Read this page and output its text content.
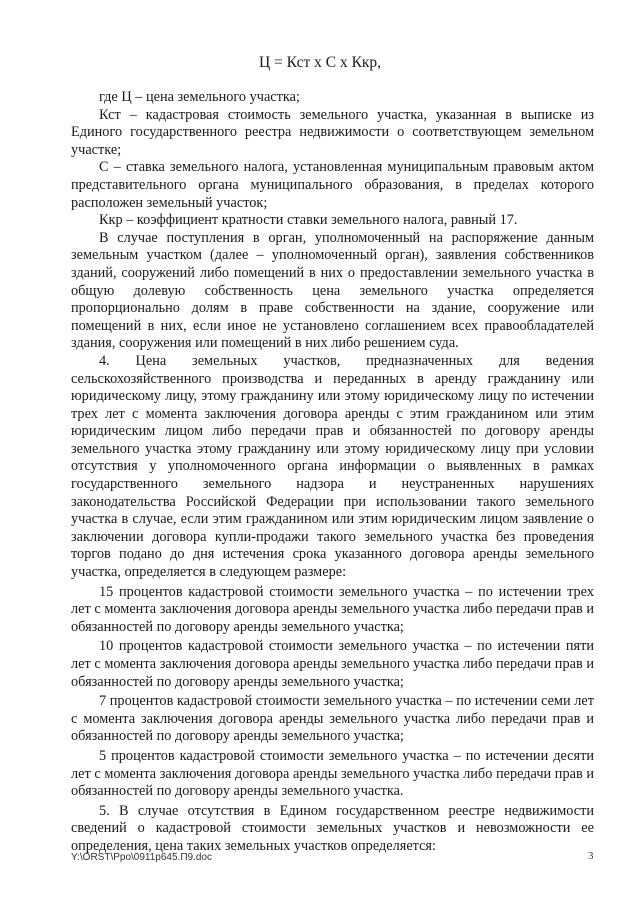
Ц = Кст х С х Ккр,

где Ц – цена земельного участка;

Кст – кадастровая стоимость земельного участка, указанная в выписке из Единого государственного реестра недвижимости о соответствующем земельном участке;

С – ставка земельного налога, установленная муниципальным правовым актом представительного органа муниципального образования, в пределах которого расположен земельный участок;

Ккр – коэффициент кратности ставки земельного налога, равный 17.

В случае поступления в орган, уполномоченный на распоряжение данным земельным участком (далее – уполномоченный орган), заявления собственников зданий, сооружений либо помещений в них о предоставлении земельного участка в общую долевую собственность цена земельного участка определяется пропорционально долям в праве собственности на здание, сооружение или помещений в них, если иное не установлено соглашением всех правообладателей здания, сооружения или помещений в них либо решением суда.

4. Цена земельных участков, предназначенных для ведения сельскохозяйственного производства и переданных в аренду гражданину или юридическому лицу, этому гражданину или этому юридическому лицу по истечении трех лет с момента заключения договора аренды с этим гражданином или этим юридическим лицом либо передачи прав и обязанностей по договору аренды земельного участка этому гражданину или этому юридическому лицу при условии отсутствия у уполномоченного органа информации о выявленных в рамках государственного земельного надзора и неустраненных нарушениях законодательства Российской Федерации при использовании такого земельного участка в случае, если этим гражданином или этим юридическим лицом заявление о заключении договора купли-продажи такого земельного участка без проведения торгов подано до дня истечения срока указанного договора аренды земельного участка, определяется в следующем размере:

15 процентов кадастровой стоимости земельного участка – по истечении трех лет с момента заключения договора аренды земельного участка либо передачи прав и обязанностей по договору аренды земельного участка;

10 процентов кадастровой стоимости земельного участка – по истечении пяти лет с момента заключения договора аренды земельного участка либо передачи прав и обязанностей по договору аренды земельного участка;

7 процентов кадастровой стоимости земельного участка – по истечении семи лет с момента заключения договора аренды земельного участка либо передачи прав и обязанностей по договору аренды земельного участка;

5 процентов кадастровой стоимости земельного участка – по истечении десяти лет с момента заключения договора аренды земельного участка либо передачи прав и обязанностей по договору аренды земельного участка.

5. В случае отсутствия в Едином государственном реестре недвижимости сведений о кадастровой стоимости земельных участков и невозможности ее определения, цена таких земельных участков определяется:

Y:\ORST\Ppo\0911p645.П9.doc	3
